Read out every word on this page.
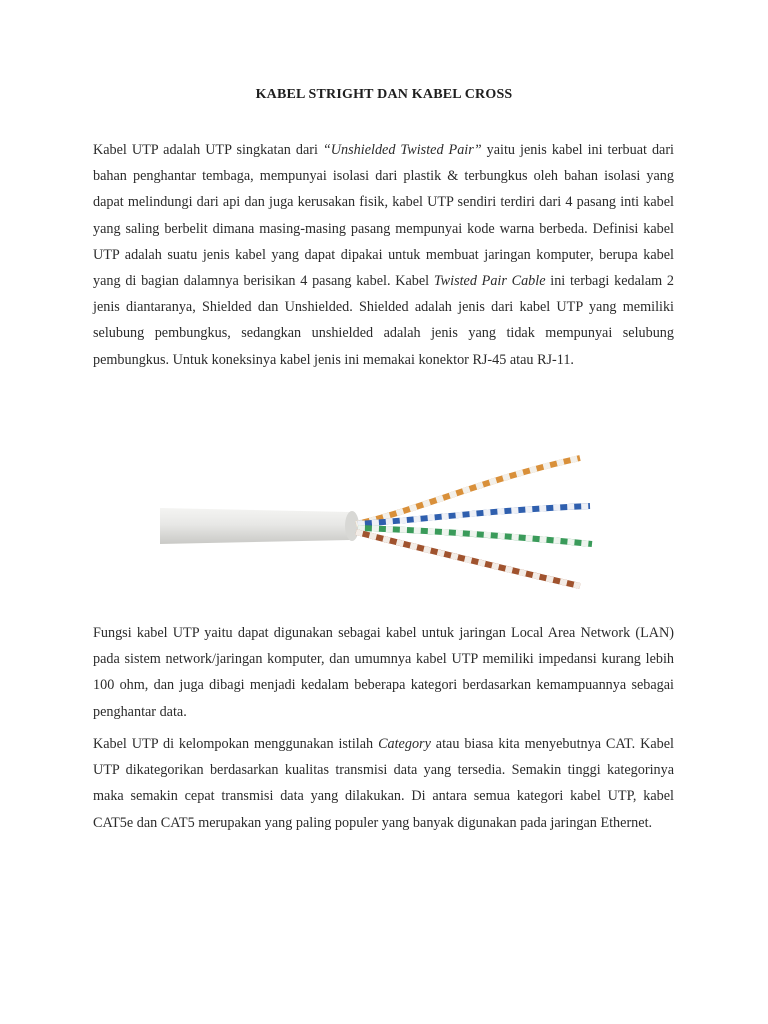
KABEL STRIGHT DAN KABEL CROSS

Kabel UTP adalah UTP singkatan dari “Unshielded Twisted Pair” yaitu jenis kabel ini terbuat dari bahan penghantar tembaga, mempunyai isolasi dari plastik & terbungkus oleh bahan isolasi yang dapat melindungi dari api dan juga kerusakan fisik, kabel UTP sendiri terdiri dari 4 pasang inti kabel yang saling berbelit dimana masing-masing pasang mempunyai kode warna berbeda. Definisi kabel UTP adalah suatu jenis kabel yang dapat dipakai untuk membuat jaringan komputer, berupa kabel yang di bagian dalamnya berisikan 4 pasang kabel. Kabel Twisted Pair Cable ini terbagi kedalam 2 jenis diantaranya, Shielded dan Unshielded. Shielded adalah jenis dari kabel UTP yang memiliki selubung pembungkus, sedangkan unshielded adalah jenis yang tidak mempunyai selubung pembungkus. Untuk koneksinya kabel jenis ini memakai konektor RJ-45 atau RJ-11.

Fungsi kabel UTP yaitu dapat digunakan sebagai kabel untuk jaringan Local Area Network (LAN) pada sistem network/jaringan komputer, dan umumnya kabel UTP memiliki impedansi kurang lebih 100 ohm, dan juga dibagi menjadi kedalam beberapa kategori berdasarkan kemampuannya sebagai penghantar data.

Kabel UTP di kelompokan menggunakan istilah Category atau biasa kita menyebutnya CAT. Kabel UTP dikategorikan berdasarkan kualitas transmisi data yang tersedia. Semakin tinggi kategorinya maka semakin cepat transmisi data yang dilakukan. Di antara semua kategori kabel UTP, kabel CAT5e dan CAT5 merupakan yang paling populer yang banyak digunakan pada jaringan Ethernet.
